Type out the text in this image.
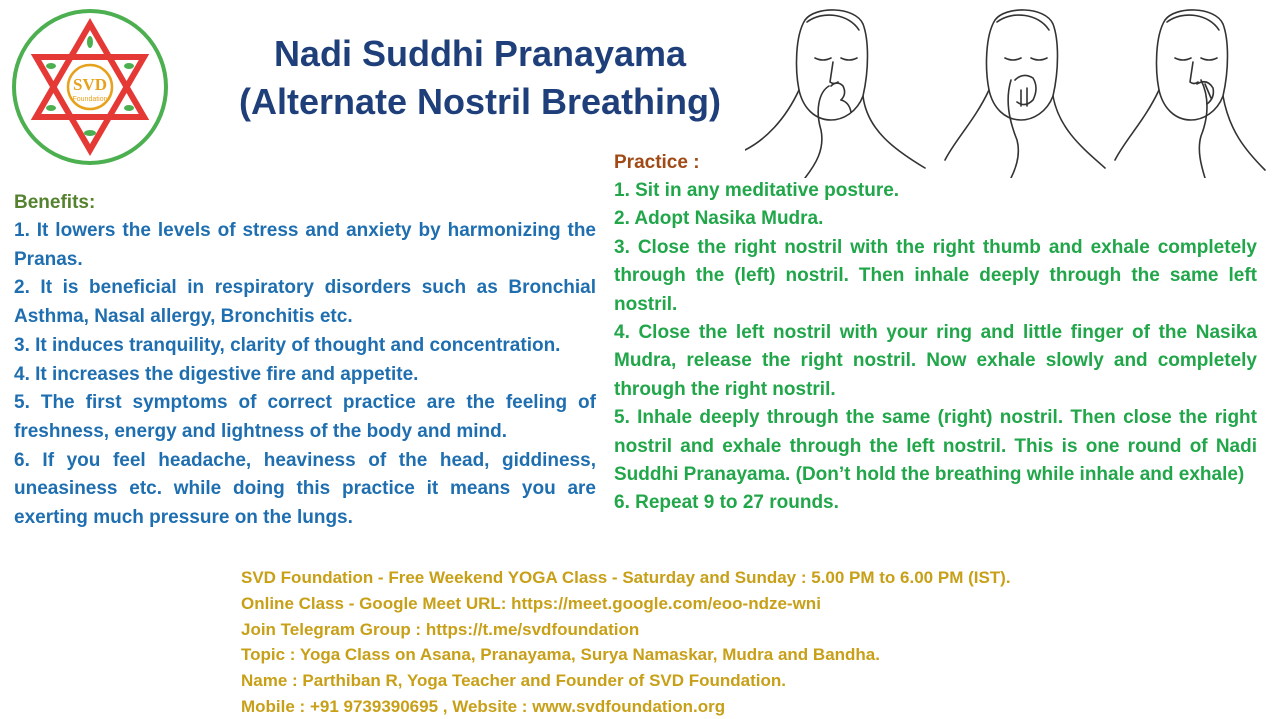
SVD
Foundation
Nadi Suddhi Pranayama
(Alternate Nostril Breathing)
Benefits:
1. It lowers the levels of stress and anxiety by harmonizing the Pranas.
2. It is beneficial in respiratory disorders such as Bronchial Asthma, Nasal allergy, Bronchitis etc.
3. It induces tranquility, clarity of thought and concentration.
4. It increases the digestive fire and appetite.
5. The first symptoms of correct practice are the feeling of freshness, energy and lightness of the body and mind.
6. If you feel headache, heaviness of the head, giddiness, uneasiness etc. while doing this practice it means you are exerting much pressure on the lungs.
Practice :
1. Sit in any meditative posture.
2. Adopt Nasika Mudra.
3. Close the right nostril with the right thumb and exhale completely through the (left) nostril. Then inhale deeply through the same left nostril.
4. Close the left nostril with your ring and little finger of the Nasika Mudra, release the right nostril. Now exhale slowly and completely through the right nostril.
5. Inhale deeply through the same (right) nostril. Then close the right nostril and exhale through the left nostril. This is one round of Nadi Suddhi Pranayama. (Don’t hold the breathing while inhale and exhale)
6. Repeat 9 to 27 rounds.
SVD Foundation - Free Weekend YOGA Class - Saturday and Sunday : 5.00 PM to 6.00 PM (IST).
Online Class - Google Meet URL: https://meet.google.com/eoo-ndze-wni
Join Telegram Group : https://t.me/svdfoundation
Topic : Yoga Class on Asana, Pranayama, Surya Namaskar, Mudra and Bandha.
Name : Parthiban R, Yoga Teacher and Founder of SVD Foundation.
Mobile : +91 9739390695 , Website : www.svdfoundation.org
